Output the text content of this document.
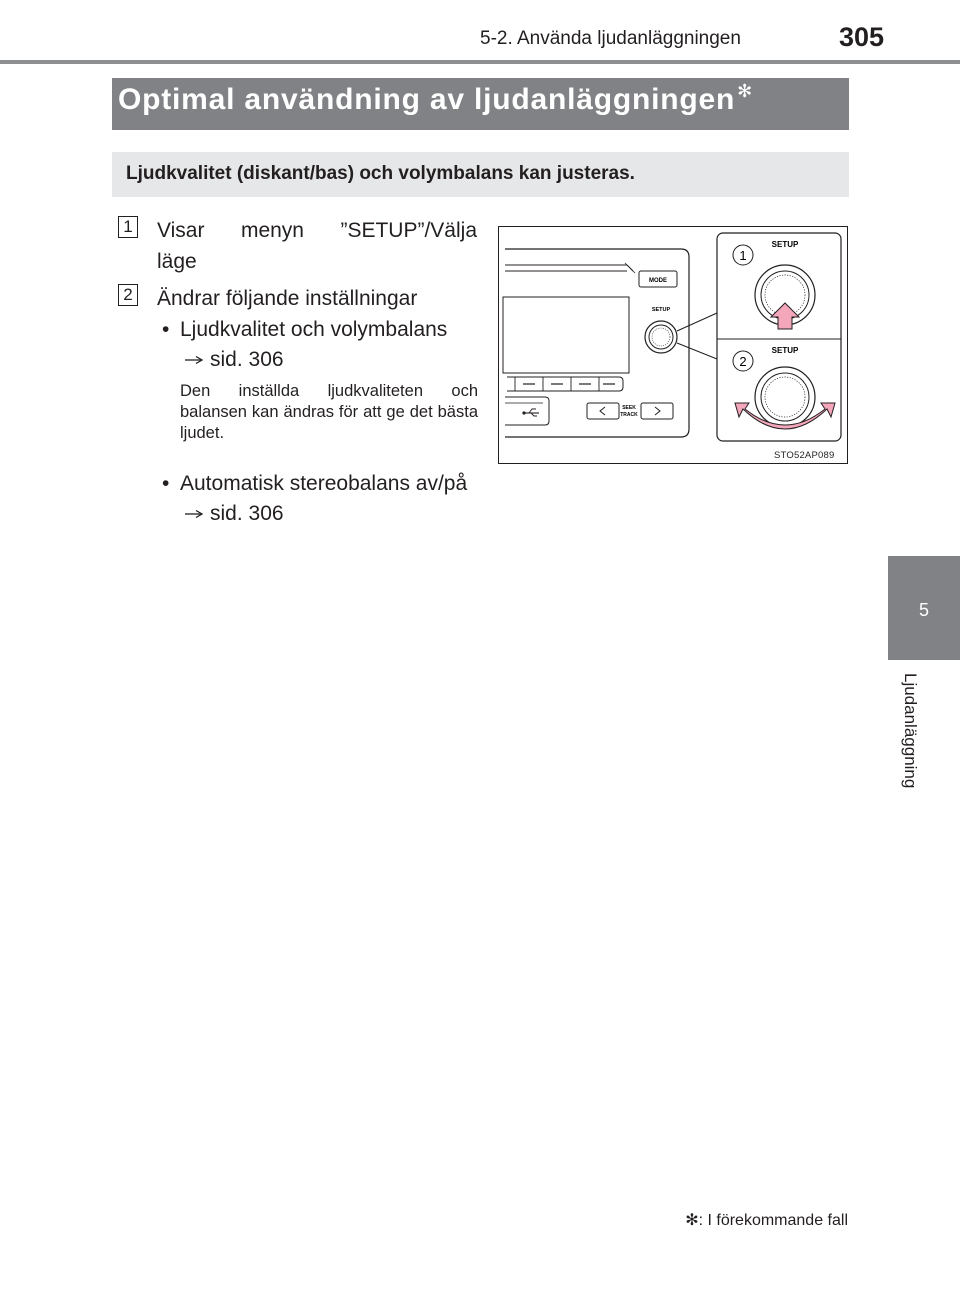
5-2. Använda ljudanläggningen	305
5
Ljudanläggning
Optimal användning av ljudanläggningen ✻
Ljudkvalitet (diskant/bas) och volymbalans kan justeras.
1 Visar menyn ”SETUP”/Välja
läge
2 Ändrar följande inställningar
• Ljudkvalitet och volymbalans
sid. 306
Den inställda ljudkvaliteten och balansen kan ändras för att ge det bästa ljudet.
• Automatisk stereobalans av/på
sid. 306
MODE
SETUP
SEEK
TRACK
1
SETUP
2
SETUP
STO52AP089
✻: I förekommande fall
